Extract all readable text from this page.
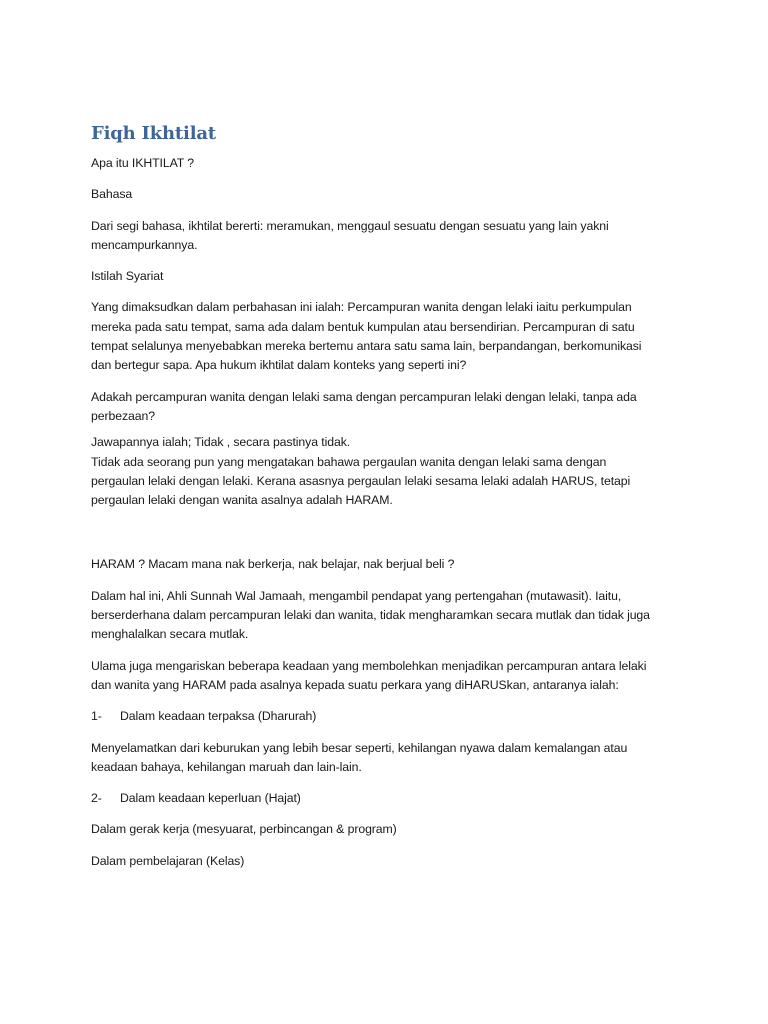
Fiqh Ikhtilat

Apa itu IKHTILAT ?

Bahasa

Dari segi bahasa, ikhtilat bererti: meramukan, menggaul sesuatu dengan sesuatu yang lain yakni

mencampurkannya.

Istilah Syariat

Yang dimaksudkan dalam perbahasan ini ialah: Percampuran wanita dengan lelaki iaitu perkumpulan

mereka pada satu tempat, sama ada dalam bentuk kumpulan atau bersendirian. Percampuran di satu

tempat selalunya menyebabkan mereka bertemu antara satu sama lain, berpandangan, berkomunikasi

dan bertegur sapa. Apa hukum ikhtilat dalam konteks yang seperti ini?

Adakah percampuran wanita dengan lelaki sama dengan percampuran lelaki dengan lelaki, tanpa ada

perbezaan?

Jawapannya ialah; Tidak , secara pastinya tidak.

Tidak ada seorang pun yang mengatakan bahawa pergaulan wanita dengan lelaki sama dengan

pergaulan lelaki dengan lelaki. Kerana asasnya pergaulan lelaki sesama lelaki adalah HARUS, tetapi

pergaulan lelaki dengan wanita asalnya adalah HARAM.

HARAM ? Macam mana nak berkerja, nak belajar, nak berjual beli ?

Dalam hal ini, Ahli Sunnah Wal Jamaah, mengambil pendapat yang pertengahan (mutawasit). Iaitu,

berserderhana dalam percampuran lelaki dan wanita, tidak mengharamkan secara mutlak dan tidak juga

menghalalkan secara mutlak.

Ulama juga mengariskan beberapa keadaan yang membolehkan menjadikan percampuran antara lelaki

dan wanita yang HARAM pada asalnya kepada suatu perkara yang diHARUSkan, antaranya ialah:

1-	Dalam keadaan terpaksa (Dharurah)

Menyelamatkan dari keburukan yang lebih besar seperti, kehilangan nyawa dalam kemalangan atau

keadaan bahaya, kehilangan maruah dan lain-lain.

2-	Dalam keadaan keperluan (Hajat)

Dalam gerak kerja (mesyuarat, perbincangan & program)

Dalam pembelajaran (Kelas)
